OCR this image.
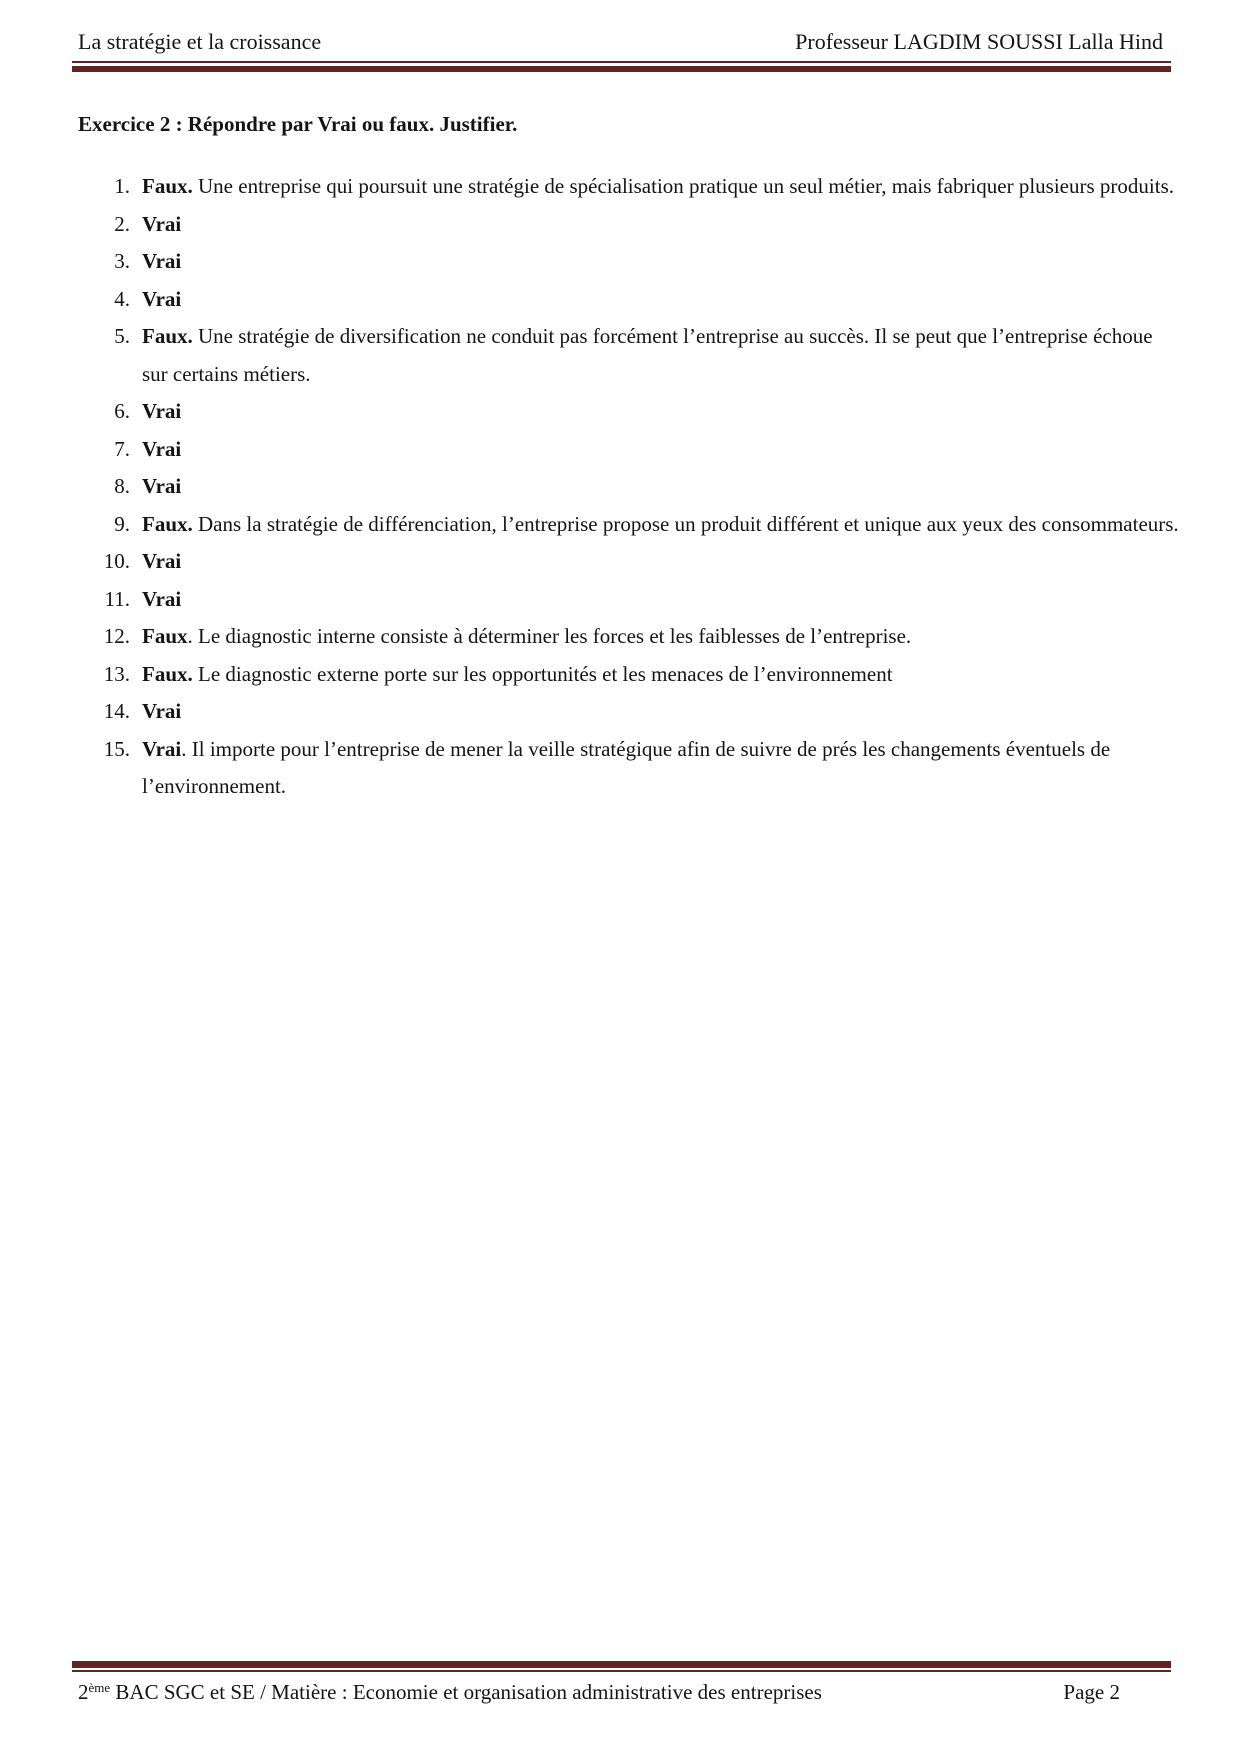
La stratégie et la croissance	Professeur LAGDIM SOUSSI Lalla Hind
Exercice 2 : Répondre par Vrai ou faux. Justifier.
1. Faux. Une entreprise qui poursuit une stratégie de spécialisation pratique un seul métier, mais fabriquer plusieurs produits.
2. Vrai
3. Vrai
4. Vrai
5. Faux. Une stratégie de diversification ne conduit pas forcément l’entreprise au succès. Il se peut que l’entreprise échoue sur certains métiers.
6. Vrai
7. Vrai
8. Vrai
9. Faux. Dans la stratégie de différenciation, l’entreprise propose un produit différent et unique aux yeux des consommateurs.
10. Vrai
11. Vrai
12. Faux. Le diagnostic interne consiste à déterminer les forces et les faiblesses de l’entreprise.
13. Faux. Le diagnostic externe porte sur les opportunités et les menaces de l’environnement
14. Vrai
15. Vrai. Il importe pour l’entreprise de mener la veille stratégique afin de suivre de prés les changements éventuels de l’environnement.
2ème BAC SGC et SE / Matière : Economie et organisation administrative des entreprises	Page 2
